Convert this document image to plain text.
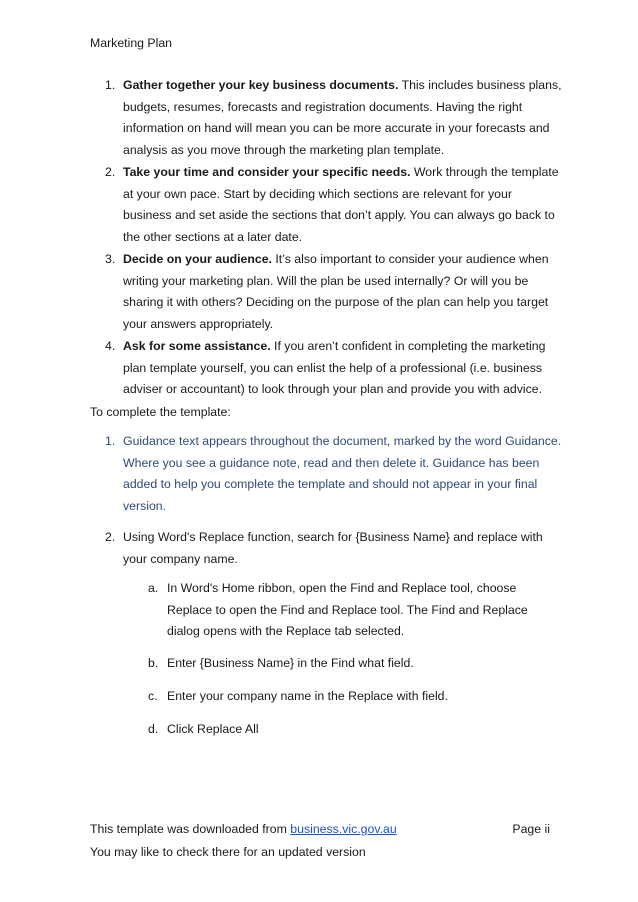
Marketing Plan
1. Gather together your key business documents. This includes business plans, budgets, resumes, forecasts and registration documents. Having the right information on hand will mean you can be more accurate in your forecasts and analysis as you move through the marketing plan template.
2. Take your time and consider your specific needs. Work through the template at your own pace. Start by deciding which sections are relevant for your business and set aside the sections that don’t apply. You can always go back to the other sections at a later date.
3. Decide on your audience. It’s also important to consider your audience when writing your marketing plan. Will the plan be used internally? Or will you be sharing it with others? Deciding on the purpose of the plan can help you target your answers appropriately.
4. Ask for some assistance. If you aren’t confident in completing the marketing plan template yourself, you can enlist the help of a professional (i.e. business adviser or accountant) to look through your plan and provide you with advice.
To complete the template:
1. Guidance text appears throughout the document, marked by the word Guidance. Where you see a guidance note, read and then delete it. Guidance has been added to help you complete the template and should not appear in your final version.
2. Using Word's Replace function, search for {Business Name} and replace with your company name.
a. In Word's Home ribbon, open the Find and Replace tool, choose Replace to open the Find and Replace tool. The Find and Replace dialog opens with the Replace tab selected.
b. Enter {Business Name} in the Find what field.
c. Enter your company name in the Replace with field.
d. Click Replace All
This template was downloaded from business.vic.gov.au	Page ii
You may like to check there for an updated version
